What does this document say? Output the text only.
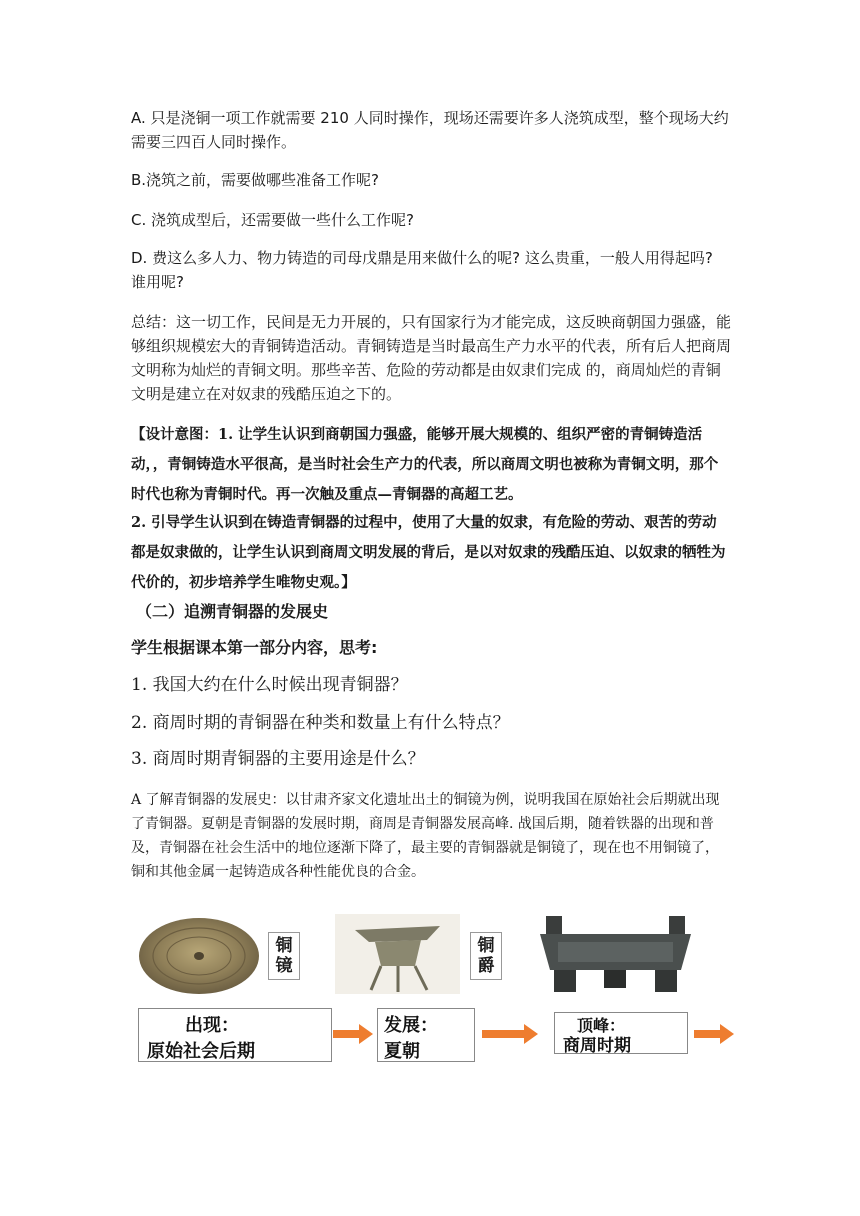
A. 只是浇铜一项工作就需要 210 人同时操作，现场还需要许多人浇筑成型，整个现场大约需要三四百人同时操作。

B.浇筑之前，需要做哪些准备工作呢?

C. 浇筑成型后，还需要做一些什么工作呢?

D. 费这么多人力、物力铸造的司母戊鼎是用来做什么的呢? 这么贵重，一般人用得起吗? 谁用呢?

总结：这一切工作，民间是无力开展的，只有国家行为才能完成，这反映商朝国力强盛，能够组织规模宏大的青铜铸造活动。青铜铸造是当时最高生产力水平的代表，所有后人把商周文明称为灿烂的青铜文明。那些辛苦、危险的劳动都是由奴隶们完成 的，商周灿烂的青铜文明是建立在对奴隶的残酷压迫之下的。

【设计意图：1. 让学生认识到商朝国力强盛，能够开展大规模的、组织严密的青铜铸造活动，，青铜铸造水平很高，是当时社会生产力的代表，所以商周文明也被称为青铜文明，那个时代也称为青铜时代。再一次触及重点—青铜器的高超工艺。

2. 引导学生认识到在铸造青铜器的过程中，使用了大量的奴隶，有危险的劳动、艰苦的劳动都是奴隶做的，让学生认识到商周文明发展的背后，是以对奴隶的残酷压迫、以奴隶的牺牲为代价的，初步培养学生唯物史观。】

（二）追溯青铜器的发展史

学生根据课本第一部分内容，思考:

1. 我国大约在什么时候出现青铜器？

2. 商周时期的青铜器在种类和数量上有什么特点？

3. 商周时期青铜器的主要用途是什么？

A 了解青铜器的发展史：以甘肃齐家文化遗址出土的铜镜为例，说明我国在原始社会后期就出现了青铜器。夏朝是青铜器的发展时期，商周是青铜器发展高峰. 战国后期，随着铁器的出现和普及，青铜器在社会生活中的地位逐渐下降了，最主要的青铜器就是铜镜了，现在也不用铜镜了，铜和其他金属一起铸造成各种性能优良的合金。

铜镜
铜爵
出现：
原始社会后期
发展：
夏朝
顶峰：
商周时期
